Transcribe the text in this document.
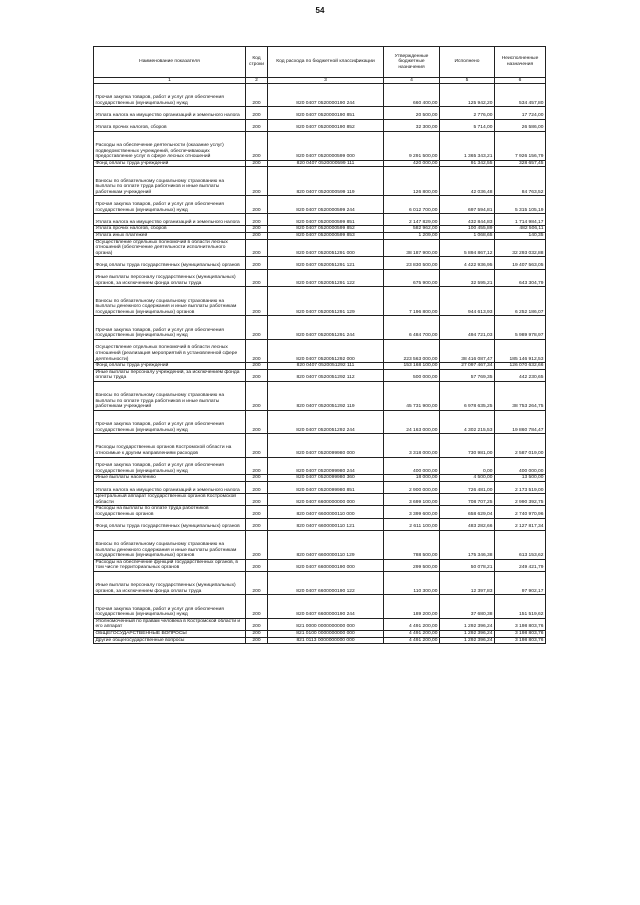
54
Наименование показателя	Код строки	Код расхода по бюджетной классификации	Утвержденные бюджетные назначения	Исполнено	Неисполненные назначения
1	2	3	4	5	6
Прочая закупка товаров, работ и услуг для обеспечения государственных (муниципальных) нужд	200	820 0407 0520000190 244	660 400,00	125 942,20	534 457,80
Уплата налога на имущество организаций и земельного налога	200	820 0407 0520000190 851	20 500,00	2 776,00	17 724,00
Уплата прочих налогов, сборов	200	820 0407 0520000190 852	32 300,00	5 714,00	26 586,00
Расходы на обеспечение деятельности (оказание услуг) подведомственных учреждений, обеспечивающих предоставление услуг в сфере лесных отношений	200	820 0407 0520000599 000	9 291 500,00	1 365 343,21	7 926 156,79
Фонд оплаты труда учреждений	200	820 0407 0520000599 111	420 000,00	91 342,55	328 657,45
Взносы по обязательному социальному страхованию на выплаты по оплате труда работников и иные выплаты работникам учреждений	200	820 0407 0520000599 119	126 800,00	42 036,48	84 763,52
Прочая закупка товаров, работ и услуг для обеспечения государственных (муниципальных) нужд	200	820 0407 0520000599 244	6 012 700,00	697 594,81	5 315 105,19
Уплата налога на имущество организаций и земельного налога	200	820 0407 0520000599 851	2 147 829,00	432 844,83	1 714 984,17
Уплата прочих налогов, сборов	200	820 0407 0520000599 852	582 962,00	100 455,89	482 506,11
Уплата иных платежей	200	820 0407 0520000599 853	1 209,00	1 068,65	140,35
Осуществление отдельных полномочий в области лесных отношений (обеспечение деятельности исполнительного органа)	200	820 0407 0520051291 000	38 187 900,00	5 894 867,12	32 293 032,88
Фонд оплаты труда государственных (муниципальных) органов	200	820 0407 0520051291 121	23 830 500,00	4 422 936,95	19 407 563,05
Иные выплаты персоналу государственных (муниципальных) органов, за исключением фонда оплаты труда	200	820 0407 0520051291 122	675 900,00	32 595,21	643 304,79
Взносы по обязательному социальному страхованию на выплаты денежного содержания и иные выплаты работникам государственных (муниципальных) органов	200	820 0407 0520051291 129	7 196 800,00	944 613,93	6 252 186,07
Прочая закупка товаров, работ и услуг для обеспечения государственных (муниципальных) нужд	200	820 0407 0520051291 244	6 484 700,00	494 721,03	5 989 978,97
Осуществление отдельных полномочий в области лесных отношений (реализация мероприятий в установленной сфере деятельности)	200	820 0407 0520051292 000	223 563 000,00	38 416 087,47	185 146 912,53
Фонд оплаты труда учреждений	200	820 0407 0520051292 111	153 168 100,00	27 097 467,34	126 070 632,66
Иные выплаты персоналу учреждений, за исключением фонда оплаты труда	200	820 0407 0520051292 112	500 000,00	57 769,35	442 230,65
Взносы по обязательному социальному страхованию на выплаты по оплате труда работников и иные выплаты работникам учреждений	200	820 0407 0520051292 119	45 731 900,00	6 978 635,25	38 753 264,75
Прочая закупка товаров, работ и услуг для обеспечения государственных (муниципальных) нужд	200	820 0407 0520051292 244	24 163 000,00	4 302 215,53	19 860 784,47
Расходы государственных органов Костромской области на относимые к другим направлениям расходов	200	820 0407 0520099980 000	3 318 000,00	730 981,00	2 587 019,00
Прочая закупка товаров, работ и услуг для обеспечения государственных (муниципальных) нужд	200	820 0407 0520099980 244	400 000,00	0,00	400 000,00
Иные выплаты населению	200	820 0407 0520099980 360	18 000,00	4 500,00	13 500,00
Уплата налога на имущество организаций и земельного налога	200	820 0407 0520099980 851	2 900 000,00	726 481,00	2 173 519,00
Центральный аппарат государственных органов Костромской области	200	820 0407 6600000000 000	3 699 100,00	708 707,25	2 990 392,75
Расходы на выплаты по оплате труда работников государственных органов	200	820 0407 6600000110 000	3 399 600,00	658 629,04	2 740 970,96
Фонд оплаты труда государственных (муниципальных) органов	200	820 0407 6600000110 121	2 611 100,00	483 282,66	2 127 817,34
Взносы по обязательному социальному страхованию на выплаты денежного содержания и иные выплаты работникам государственных (муниципальных) органов	200	820 0407 6600000110 129	788 500,00	175 346,38	613 153,62
Расходы на обеспечение функций государственных органов, в том числе территориальных органов	200	820 0407 6600000190 000	299 500,00	50 078,21	249 421,79
Иные выплаты персоналу государственных (муниципальных) органов, за исключением фонда оплаты труда	200	820 0407 6600000190 122	110 300,00	12 397,83	97 902,17
Прочая закупка товаров, работ и услуг для обеспечения государственных (муниципальных) нужд	200	820 0407 6600000190 244	189 200,00	37 680,38	151 519,62
Уполномоченный по правам человека в Костромской области и его аппарат	200	821 0000 0000000000 000	4 491 200,00	1 292 396,24	3 198 803,76
ОБЩЕГОСУДАРСТВЕННЫЕ ВОПРОСЫ	200	821 0100 0000000000 000	4 491 200,00	1 292 396,24	3 198 803,76
Другие общегосударственные вопросы	200	821 0113 0000000000 000	4 491 200,00	1 292 396,24	3 198 803,76
